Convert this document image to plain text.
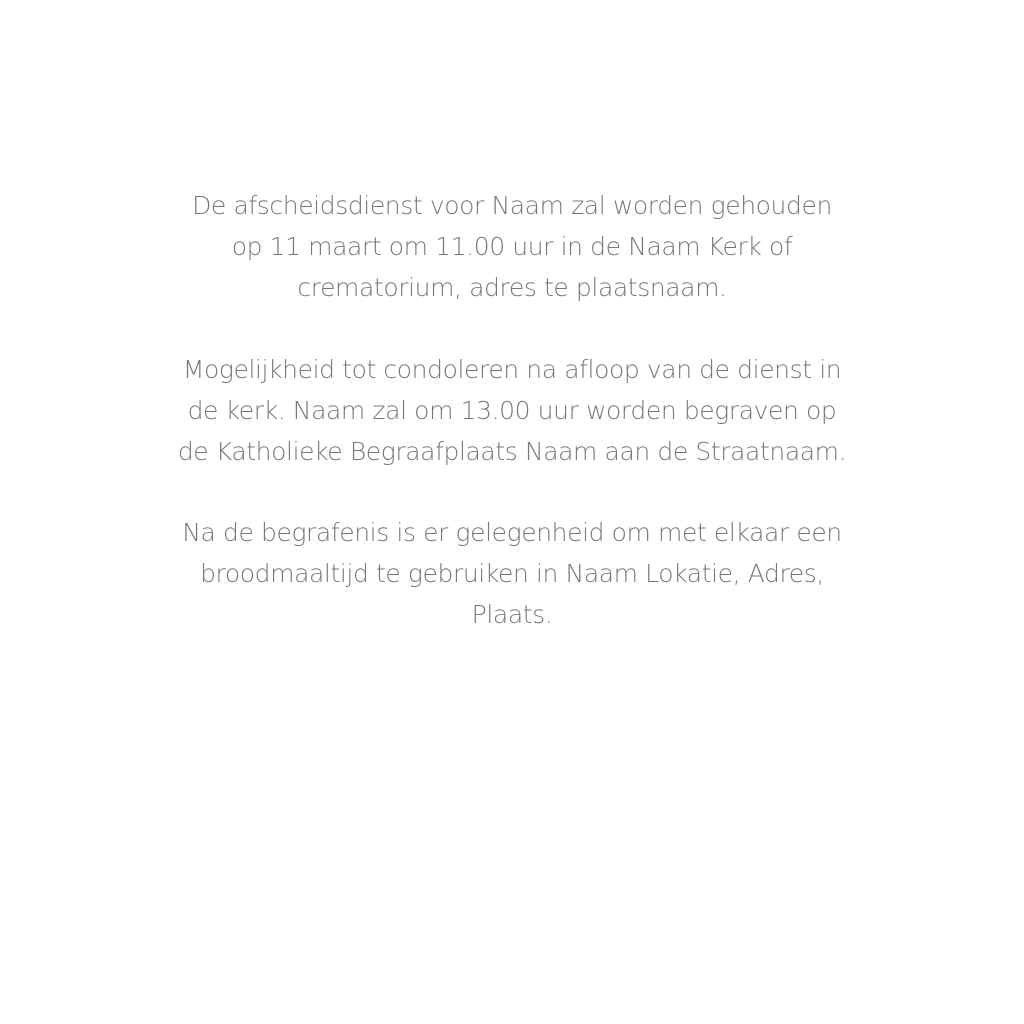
De afscheidsdienst voor Naam zal worden gehouden
op 11 maart om 11.00 uur in de Naam Kerk of
crematorium, adres te plaatsnaam.
Mogelijkheid tot condoleren na afloop van de dienst in
de kerk. Naam zal om 13.00 uur worden begraven op
de Katholieke Begraafplaats Naam aan de Straatnaam.
Na de begrafenis is er gelegenheid om met elkaar een
broodmaaltijd te gebruiken in Naam Lokatie, Adres,
Plaats.
